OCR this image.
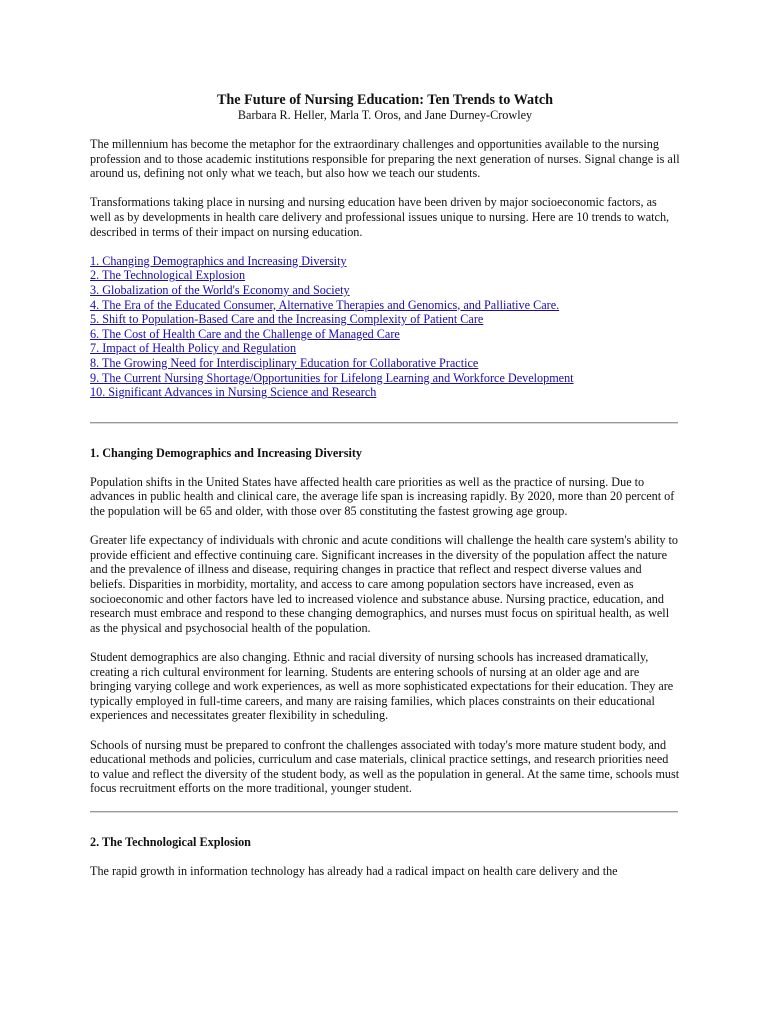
The Future of Nursing Education: Ten Trends to Watch
Barbara R. Heller, Marla T. Oros, and Jane Durney-Crowley

The millennium has become the metaphor for the extraordinary challenges and opportunities available to the nursing profession and to those academic institutions responsible for preparing the next generation of nurses. Signal change is all around us, defining not only what we teach, but also how we teach our students.

Transformations taking place in nursing and nursing education have been driven by major socioeconomic factors, as well as by developments in health care delivery and professional issues unique to nursing. Here are 10 trends to watch, described in terms of their impact on nursing education.

1. Changing Demographics and Increasing Diversity
2. The Technological Explosion
3. Globalization of the World's Economy and Society
4. The Era of the Educated Consumer, Alternative Therapies and Genomics, and Palliative Care.
5. Shift to Population-Based Care and the Increasing Complexity of Patient Care
6. The Cost of Health Care and the Challenge of Managed Care
7. Impact of Health Policy and Regulation
8. The Growing Need for Interdisciplinary Education for Collaborative Practice
9. The Current Nursing Shortage/Opportunities for Lifelong Learning and Workforce Development
10. Significant Advances in Nursing Science and Research
1. Changing Demographics and Increasing Diversity

Population shifts in the United States have affected health care priorities as well as the practice of nursing. Due to advances in public health and clinical care, the average life span is increasing rapidly. By 2020, more than 20 percent of the population will be 65 and older, with those over 85 constituting the fastest growing age group.

Greater life expectancy of individuals with chronic and acute conditions will challenge the health care system's ability to provide efficient and effective continuing care. Significant increases in the diversity of the population affect the nature and the prevalence of illness and disease, requiring changes in practice that reflect and respect diverse values and beliefs. Disparities in morbidity, mortality, and access to care among population sectors have increased, even as socioeconomic and other factors have led to increased violence and substance abuse. Nursing practice, education, and research must embrace and respond to these changing demographics, and nurses must focus on spiritual health, as well as the physical and psychosocial health of the population.

Student demographics are also changing. Ethnic and racial diversity of nursing schools has increased dramatically, creating a rich cultural environment for learning. Students are entering schools of nursing at an older age and are bringing varying college and work experiences, as well as more sophisticated expectations for their education. They are typically employed in full-time careers, and many are raising families, which places constraints on their educational experiences and necessitates greater flexibility in scheduling.

Schools of nursing must be prepared to confront the challenges associated with today's more mature student body, and educational methods and policies, curriculum and case materials, clinical practice settings, and research priorities need to value and reflect the diversity of the student body, as well as the population in general. At the same time, schools must focus recruitment efforts on the more traditional, younger student.

2. The Technological Explosion

The rapid growth in information technology has already had a radical impact on health care delivery and the
